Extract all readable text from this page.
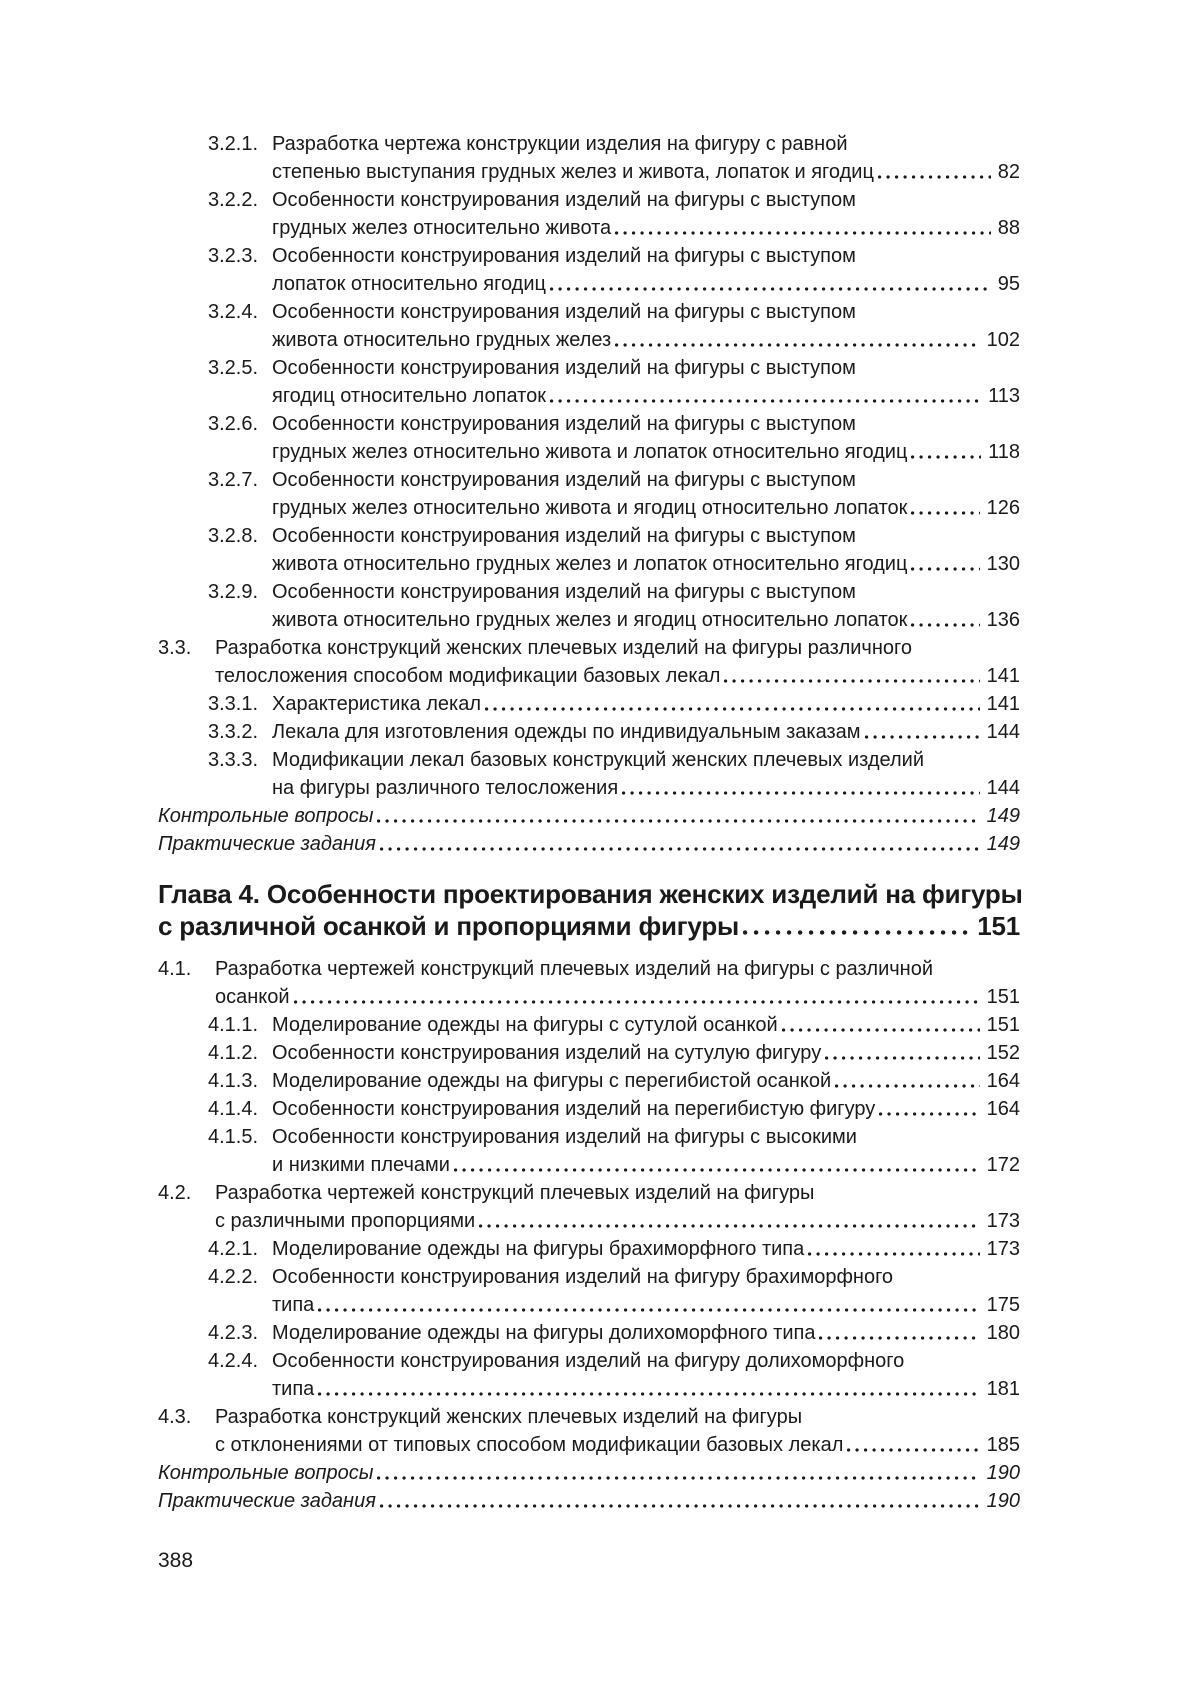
3.2.1. Разработка чертежа конструкции изделия на фигуру с равной
степенью выступания грудных желез и живота, лопаток и ягодиц	82
3.2.2. Особенности конструирования изделий на фигуры с выступом
грудных желез относительно живота	88
3.2.3. Особенности конструирования изделий на фигуры с выступом
лопаток относительно ягодиц	95
3.2.4. Особенности конструирования изделий на фигуры с выступом
живота относительно грудных желез	102
3.2.5. Особенности конструирования изделий на фигуры с выступом
ягодиц относительно лопаток	113
3.2.6. Особенности конструирования изделий на фигуры с выступом
грудных желез относительно живота и лопаток относительно ягодиц	118
3.2.7. Особенности конструирования изделий на фигуры с выступом
грудных желез относительно живота и ягодиц относительно лопаток	126
3.2.8. Особенности конструирования изделий на фигуры с выступом
живота относительно грудных желез и лопаток относительно ягодиц	130
3.2.9. Особенности конструирования изделий на фигуры с выступом
живота относительно грудных желез и ягодиц относительно лопаток	136
3.3. Разработка конструкций женских плечевых изделий на фигуры различного
телосложения способом модификации базовых лекал	141
3.3.1. Характеристика лекал	141
3.3.2. Лекала для изготовления одежды по индивидуальным заказам	144
3.3.3. Модификации лекал базовых конструкций женских плечевых изделий
на фигуры различного телосложения	144
Контрольные вопросы	149
Практические задания	149
Глава 4. Особенности проектирования женских изделий на фигуры
с различной осанкой и пропорциями фигуры	151
4.1. Разработка чертежей конструкций плечевых изделий на фигуры с различной
осанкой	151
4.1.1. Моделирование одежды на фигуры с сутулой осанкой	151
4.1.2. Особенности конструирования изделий на сутулую фигуру	152
4.1.3. Моделирование одежды на фигуры с перегибистой осанкой	164
4.1.4. Особенности конструирования изделий на перегибистую фигуру	164
4.1.5. Особенности конструирования изделий на фигуры с высокими
и низкими плечами	172
4.2. Разработка чертежей конструкций плечевых изделий на фигуры
с различными пропорциями	173
4.2.1. Моделирование одежды на фигуры брахиморфного типа	173
4.2.2. Особенности конструирования изделий на фигуру брахиморфного
типа	175
4.2.3. Моделирование одежды на фигуры долихоморфного типа	180
4.2.4. Особенности конструирования изделий на фигуру долихоморфного
типа	181
4.3. Разработка конструкций женских плечевых изделий на фигуры
с отклонениями от типовых способом модификации базовых лекал	185
Контрольные вопросы	190
Практические задания	190
388
